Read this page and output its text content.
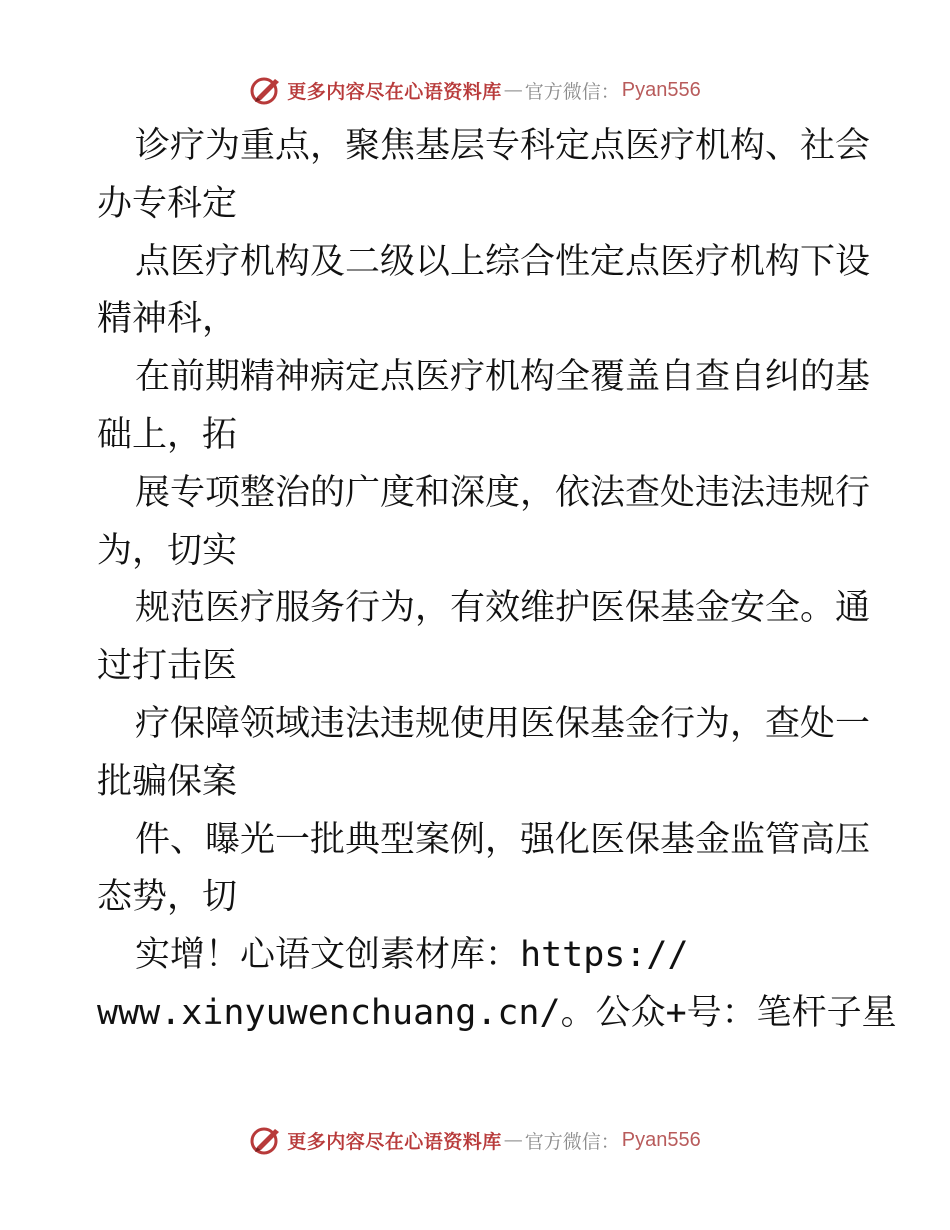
更多内容尽在心语资料库 — 官方微信： Pyan556
诊疗为重点，聚焦基层专科定点医疗机构、社会
办专科定
点医疗机构及二级以上综合性定点医疗机构下设
精神科，
在前期精神病定点医疗机构全覆盖自查自纠的基
础上，拓
展专项整治的广度和深度，依法查处违法违规行
为，切实
规范医疗服务行为，有效维护医保基金安全。通
过打击医
疗保障领域违法违规使用医保基金行为，查处一
批骗保案
件、曝光一批典型案例，强化医保基金监管高压
态势，切
实增！心语文创素材库：https://
www.xinyuwenchuang.cn/。公众+号：笔杆子星
更多内容尽在心语资料库 — 官方微信： Pyan556
